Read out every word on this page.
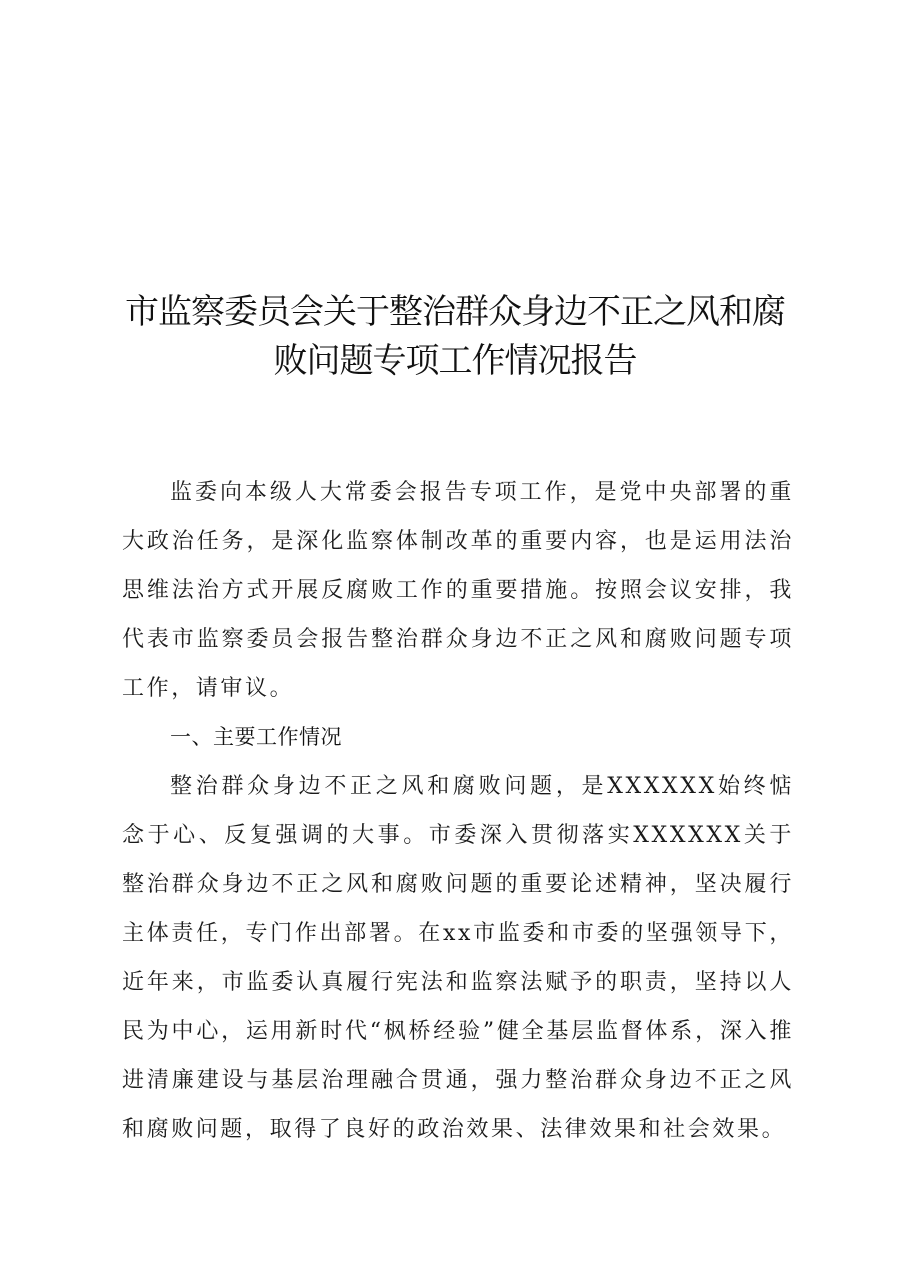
市监察委员会关于整治群众身边不正之风和腐
败问题专项工作情况报告

监委向本级人大常委会报告专项工作，是党中央部署的重大政治任务，是深化监察体制改革的重要内容，也是运用法治思维法治方式开展反腐败工作的重要措施。按照会议安排，我代表市监察委员会报告整治群众身边不正之风和腐败问题专项工作，请审议。

一、主要工作情况

整治群众身边不正之风和腐败问题，是XXXXXX始终惦念于心、反复强调的大事。市委深入贯彻落实XXXXXX关于整治群众身边不正之风和腐败问题的重要论述精神，坚决履行主体责任，专门作出部署。在xx市监委和市委的坚强领导下，近年来，市监委认真履行宪法和监察法赋予的职责，坚持以人民为中心，运用新时代“枫桥经验”健全基层监督体系，深入推进清廉建设与基层治理融合贯通，强力整治群众身边不正之风和腐败问题，取得了良好的政治效果、法律效果和社会效果。
